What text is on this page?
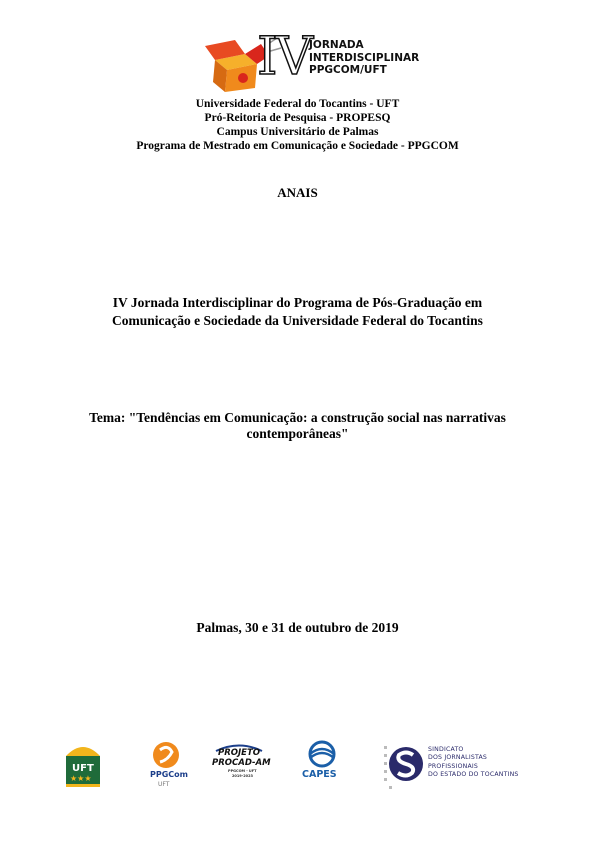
IV
JORNADA
INTERDISCIPLINAR
PPGCOM/UFT
Universidade Federal do Tocantins - UFT
Pró-Reitoria de Pesquisa - PROPESQ
Campus Universitário de Palmas
Programa de Mestrado em Comunicação e Sociedade - PPGCOM
ANAIS
IV Jornada Interdisciplinar do Programa de Pós-Graduação em
Comunicação e Sociedade da Universidade Federal do Tocantins
Tema: "Tendências em Comunicação: a construção social nas narrativas
contemporâneas"
Palmas, 30 e 31 de outubro de 2019
UFT
★★★	PPGCom
UFT
PROJETO
PROCAD-AM
PPGCOM - UFT
2019-2023	CAPES
SINDICATO
DOS JORNALISTAS
PROFISSIONAIS
DO ESTADO DO TOCANTINS
